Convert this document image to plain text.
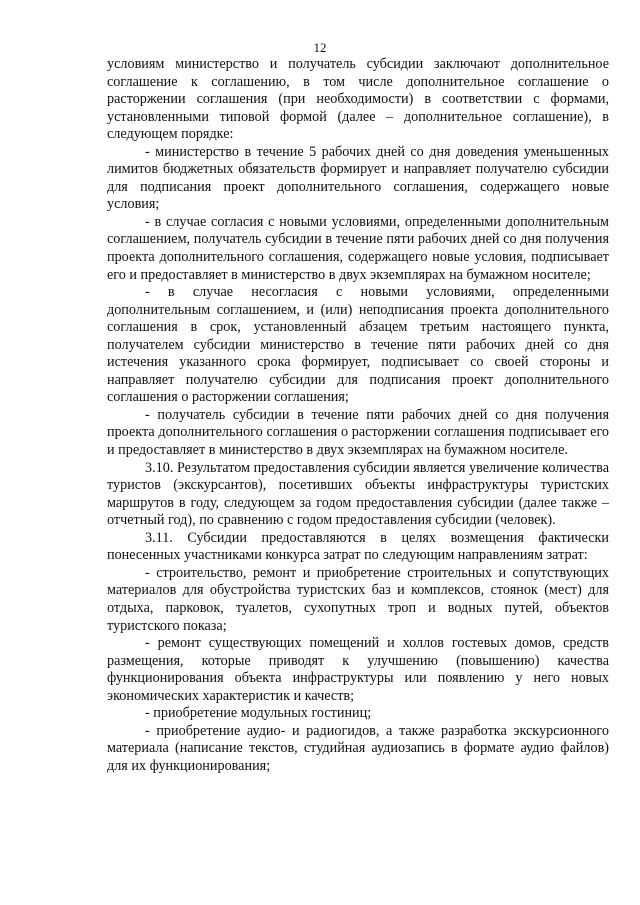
12

условиям министерство и получатель субсидии заключают дополнительное соглашение к соглашению, в том числе дополнительное соглашение о расторжении соглашения (при необходимости) в соответствии с формами, установленными типовой формой (далее – дополнительное соглашение), в следующем порядке:

- министерство в течение 5 рабочих дней со дня доведения уменьшенных лимитов бюджетных обязательств формирует и направляет получателю субсидии для подписания проект дополнительного соглашения, содержащего новые условия;

- в случае согласия с новыми условиями, определенными дополнительным соглашением, получатель субсидии в течение пяти рабочих дней со дня получения проекта дополнительного соглашения, содержащего новые условия, подписывает его и предоставляет в министерство в двух экземплярах на бумажном носителе;

- в случае несогласия с новыми условиями, определенными дополнительным соглашением, и (или) неподписания проекта дополнительного соглашения в срок, установленный абзацем третьим настоящего пункта, получателем субсидии министерство в течение пяти рабочих дней со дня истечения указанного срока формирует, подписывает со своей стороны и направляет получателю субсидии для подписания проект дополнительного соглашения о расторжении соглашения;

- получатель субсидии в течение пяти рабочих дней со дня получения проекта дополнительного соглашения о расторжении соглашения подписывает его и предоставляет в министерство в двух экземплярах на бумажном носителе.

3.10. Результатом предоставления субсидии является увеличение количества туристов (экскурсантов), посетивших объекты инфраструктуры туристских маршрутов в году, следующем за годом предоставления субсидии (далее также – отчетный год), по сравнению с годом предоставления субсидии (человек).

3.11. Субсидии предоставляются в целях возмещения фактически понесенных участниками конкурса затрат по следующим направлениям затрат:

- строительство, ремонт и приобретение строительных и сопутствующих материалов для обустройства туристских баз и комплексов, стоянок (мест) для отдыха, парковок, туалетов, сухопутных троп и водных путей, объектов туристского показа;

- ремонт существующих помещений и холлов гостевых домов, средств размещения, которые приводят к улучшению (повышению) качества функционирования объекта инфраструктуры или появлению у него новых экономических характеристик и качеств;

- приобретение модульных гостиниц;

- приобретение аудио- и радиогидов, а также разработка экскурсионного материала (написание текстов, студийная аудиозапись в формате аудио файлов) для их функционирования;
